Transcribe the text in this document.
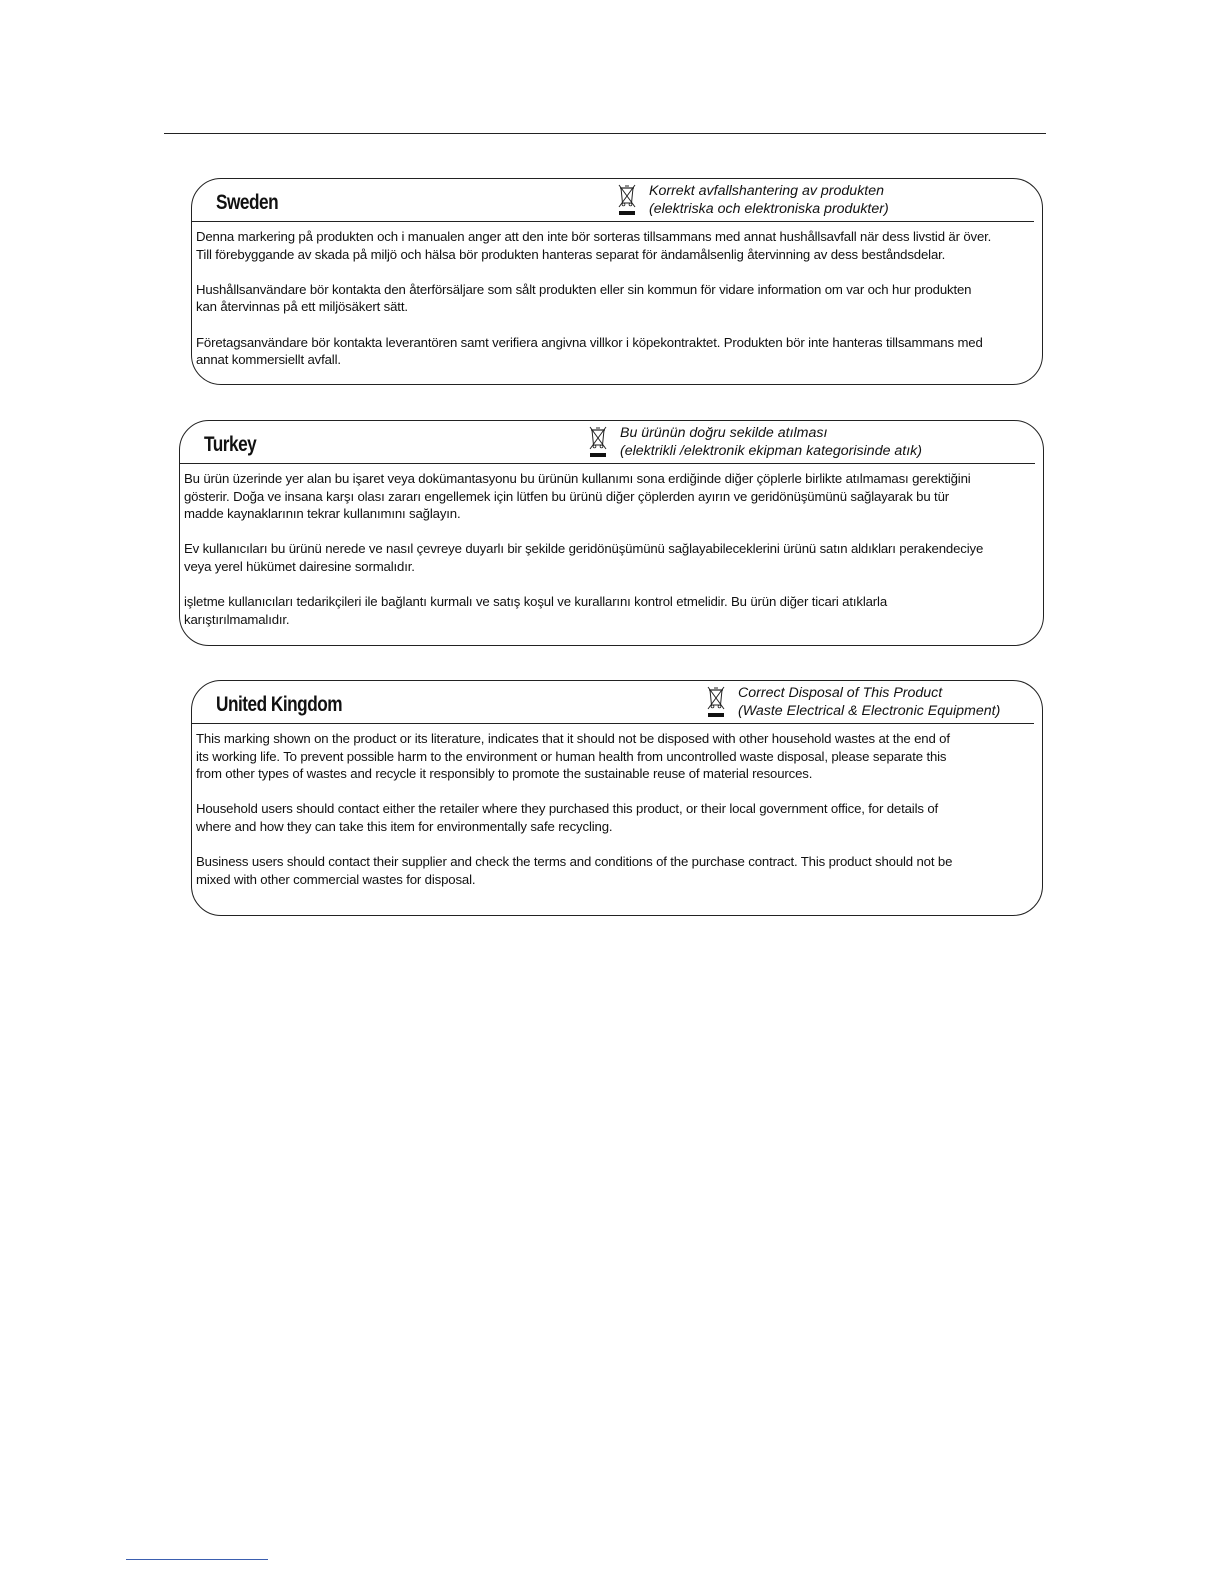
Sweden	Korrekt avfallshantering av produkten
(elektriska och elektroniska produkter)

Denna markering på produkten och i manualen anger att den inte bör sorteras tillsammans med annat hushållsavfall när dess livstid är över.
Till förebyggande av skada på miljö och hälsa bör produkten hanteras separat för ändamålsenlig återvinning av dess beståndsdelar.

Hushållsanvändare bör kontakta den återförsäljare som sålt produkten eller sin kommun för vidare information om var och hur produkten
kan återvinnas på ett miljösäkert sätt.

Företagsanvändare bör kontakta leverantören samt verifiera angivna villkor i köpekontraktet. Produkten bör inte hanteras tillsammans med
annat kommersiellt avfall.

Turkey	Bu ürünün doğru sekilde atılması
(elektrikli /elektronik ekipman kategorisinde atık)

Bu ürün üzerinde yer alan bu işaret veya dokümantasyonu bu ürünün kullanımı sona erdiğinde diğer çöplerle birlikte atılmaması gerektiğini
gösterir. Doğa ve insana karşı olası zararı engellemek için lütfen bu ürünü diğer çöplerden ayırın ve geridönüşümünü sağlayarak bu tür
madde kaynaklarının tekrar kullanımını sağlayın.

Ev kullanıcıları bu ürünü nerede ve nasıl çevreye duyarlı bir şekilde geridönüşümünü sağlayabileceklerini ürünü satın aldıkları perakendeciye
veya yerel hükümet dairesine sormalıdır.

işletme kullanıcıları tedarikçileri ile bağlantı kurmalı ve satış koşul ve kurallarını kontrol etmelidir. Bu ürün diğer ticari atıklarla
karıştırılmamalıdır.

United Kingdom	Correct Disposal of This Product
(Waste Electrical & Electronic Equipment)

This marking shown on the product or its literature, indicates that it should not be disposed with other household wastes at the end of
its working life. To prevent possible harm to the environment or human health from uncontrolled waste disposal, please separate this
from other types of wastes and recycle it responsibly to promote the sustainable reuse of material resources.

Household users should contact either the retailer where they purchased this product, or their local government office, for details of
where and how they can take this item for environmentally safe recycling.

Business users should contact their supplier and check the terms and conditions of the purchase contract. This product should not be
mixed with other commercial wastes for disposal.
